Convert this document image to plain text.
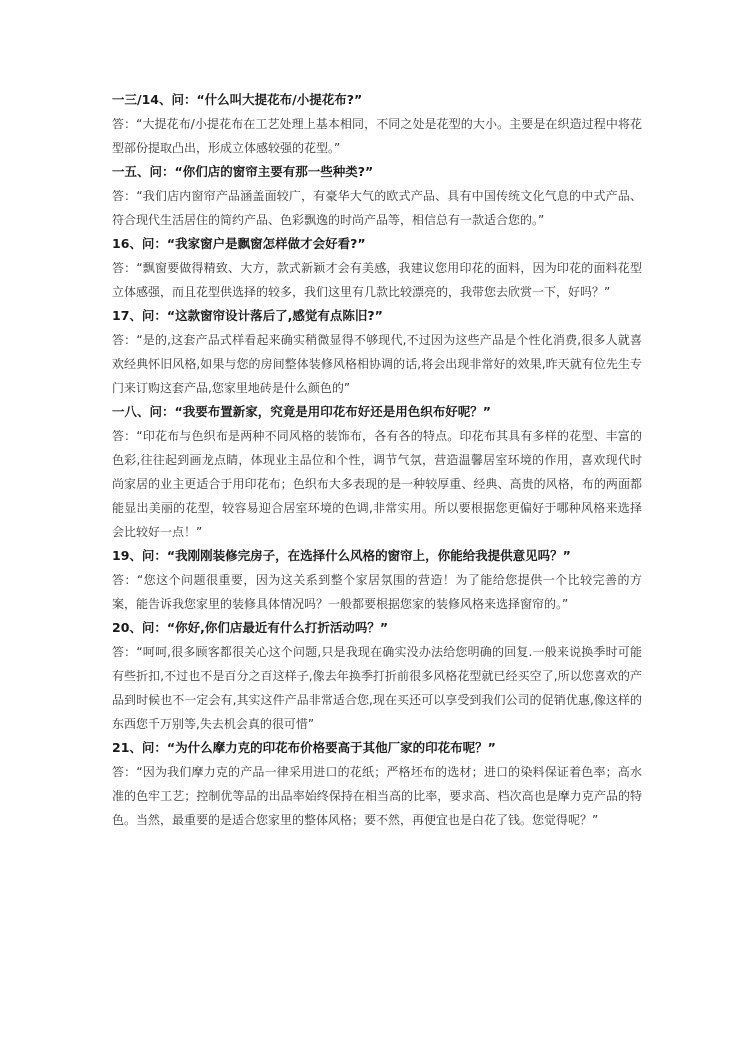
一三/14、问：“什么叫大提花布/小提花布?”

答：“大提花布/小提花布在工艺处理上基本相同，不同之处是花型的大小。主要是在织造过程中将花型部份提取凸出，形成立体感较强的花型。”

一五、问：“你们店的窗帘主要有那一些种类?”

答：“我们店内窗帘产品涵盖面较广，有豪华大气的欧式产品、具有中国传统文化气息的中式产品、符合现代生活居住的简约产品、色彩飘逸的时尚产品等，相信总有一款适合您的。”

16、问：“我家窗户是飘窗怎样做才会好看?”

答：“飘窗要做得精致、大方，款式新颖才会有美感，我建议您用印花的面料，因为印花的面料花型立体感强，而且花型供选择的较多，我们这里有几款比较漂亮的，我带您去欣赏一下，好吗？”

17、问：“这款窗帘设计落后了,感觉有点陈旧?”

答：“是的,这套产品式样看起来确实稍微显得不够现代,不过因为这些产品是个性化消费,很多人就喜欢经典怀旧风格,如果与您的房间整体装修风格相协调的话,将会出现非常好的效果,昨天就有位先生专门来订购这套产品,您家里地砖是什么颜色的”

一八、问：“我要布置新家，究竟是用印花布好还是用色织布好呢？”

答：“印花布与色织布是两种不同风格的装饰布，各有各的特点。印花布其具有多样的花型、丰富的色彩,往往起到画龙点睛，体现业主品位和个性，调节气氛，营造温馨居室环境的作用，喜欢现代时尚家居的业主更适合于用印花布；色织布大多表现的是一种较厚重、经典、高贵的风格，布的两面都能显出美丽的花型，较容易迎合居室环境的色调,非常实用。所以要根据您更偏好于哪种风格来选择会比较好一点！”

19、问：“我刚刚装修完房子，在选择什么风格的窗帘上，你能给我提供意见吗？”

答：“您这个问题很重要，因为这关系到整个家居氛围的营造！为了能给您提供一个比较完善的方案，能告诉我您家里的装修具体情况吗？一般都要根据您家的装修风格来选择窗帘的。”

20、问：“你好,你们店最近有什么打折活动吗？”

答：“呵呵,很多顾客都很关心这个问题,只是我现在确实没办法给您明确的回复.一般来说换季时可能有些折扣,不过也不是百分之百这样子,像去年换季打折前很多风格花型就已经买空了,所以您喜欢的产品到时候也不一定会有,其实这件产品非常适合您,现在买还可以享受到我们公司的促销优惠,像这样的东西您千万别等,失去机会真的很可惜”

21、问：“为什么摩力克的印花布价格要高于其他厂家的印花布呢？”

答：“因为我们摩力克的产品一律采用进口的花纸；严格坯布的选材；进口的染料保证着色率；高水准的色牢工艺；控制优等品的出品率始终保持在相当高的比率，要求高、档次高也是摩力克产品的特色。当然，最重要的是适合您家里的整体风格；要不然，再便宜也是白花了钱。您觉得呢？”
